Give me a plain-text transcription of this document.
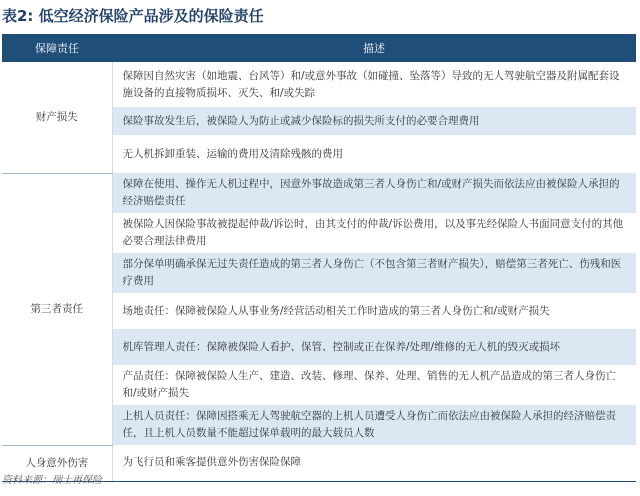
表2: 低空经济保险产品涉及的保险责任
保障责任	描述
财产损失	保障因自然灾害（如地震、台风等）和/或意外事故（如碰撞、坠落等）导致的无人驾驶航空器及附属配套设施设备的直接物质损坏、灭失、和/或失踪
	保险事故发生后，被保险人为防止或减少保险标的损失所支付的必要合理费用
	无人机拆卸重装、运输的费用及清除残骸的费用
第三者责任	保障在使用、操作无人机过程中，因意外事故造成第三者人身伤亡和/或财产损失而依法应由被保险人承担的经济赔偿责任
	被保险人因保险事故被提起仲裁/诉讼时，由其支付的仲裁/诉讼费用，以及事先经保险人书面同意支付的其他必要合理法律费用
	部分保单明确承保无过失责任造成的第三者人身伤亡（不包含第三者财产损失），赔偿第三者死亡、伤残和医疗费用
	场地责任：保障被保险人从事业务/经营活动相关工作时造成的第三者人身伤亡和/或财产损失
	机库管理人责任：保障被保险人看护、保管、控制或正在保养/处理/维修的无人机的毁灭或损坏
	产品责任：保障被保险人生产、建造、改装、修理、保养、处理、销售的无人机产品造成的第三者人身伤亡和/或财产损失
	上机人员责任：保障因搭乘无人驾驶航空器的上机人员遭受人身伤亡而依法应由被保险人承担的经济赔偿责任，且上机人员数量不能超过保单载明的最大载员人数
人身意外伤害	为飞行员和乘客提供意外伤害保险保障
资料来源：瑞士再保险
